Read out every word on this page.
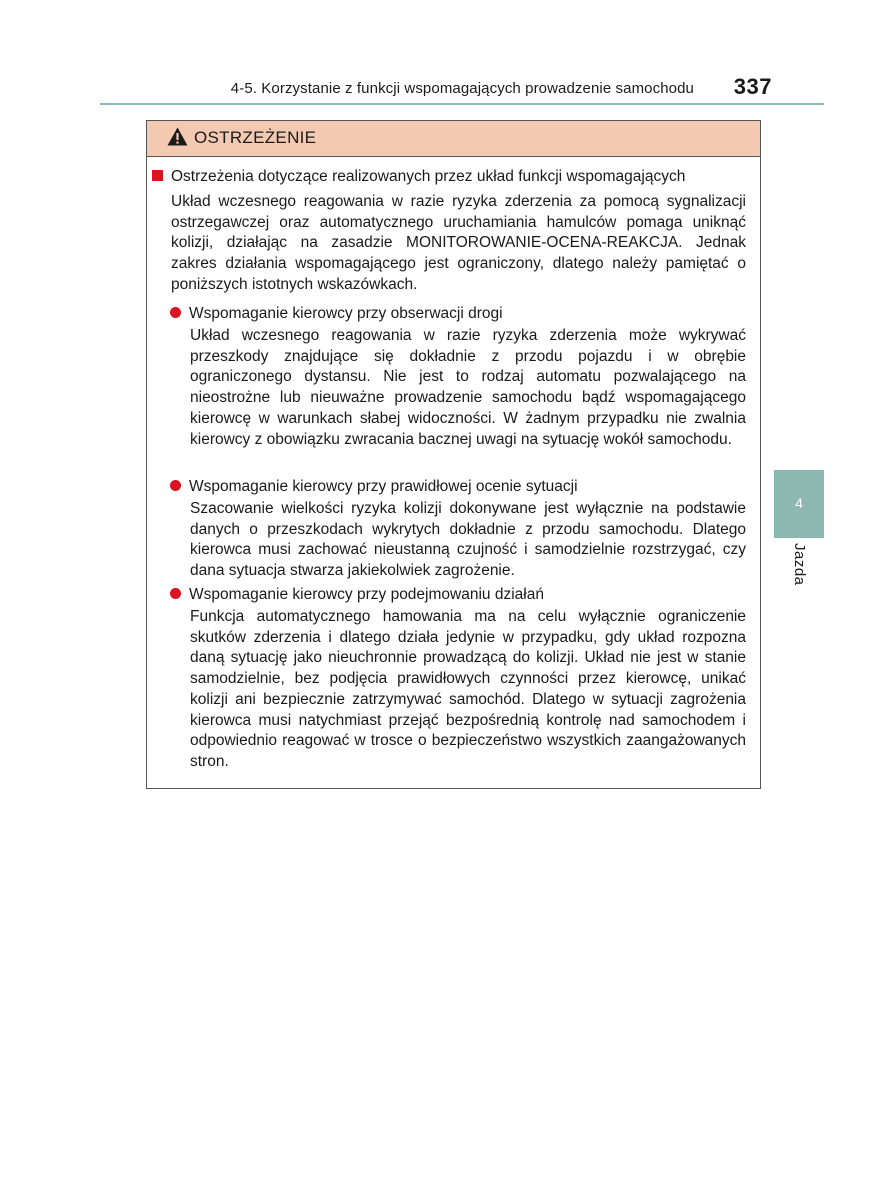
4-5. Korzystanie z funkcji wspomagających prowadzenie samochodu 337
4
Jazda
OSTRZEŻENIE
Ostrzeżenia dotyczące realizowanych przez układ funkcji wspomagających

Układ wczesnego reagowania w razie ryzyka zderzenia za pomocą sygnalizacji ostrzegawczej oraz automatycznego uruchamiania hamulców pomaga uniknąć kolizji, działając na zasadzie MONITOROWANIE-OCENA-REAKCJA. Jednak zakres działania wspomagającego jest ograniczony, dlatego należy pamiętać o poniższych istotnych wskazówkach.

Wspomaganie kierowcy przy obserwacji drogi

Układ wczesnego reagowania w razie ryzyka zderzenia może wykrywać przeszkody znajdujące się dokładnie z przodu pojazdu i w obrębie ograniczonego dystansu. Nie jest to rodzaj automatu pozwalającego na nieostrożne lub nieuważne prowadzenie samochodu bądź wspomagającego kierowcę w warunkach słabej widoczności. W żadnym przypadku nie zwalnia kierowcy z obowiązku zwracania bacznej uwagi na sytuację wokół samochodu.

Wspomaganie kierowcy przy prawidłowej ocenie sytuacji

Szacowanie wielkości ryzyka kolizji dokonywane jest wyłącznie na podstawie danych o przeszkodach wykrytych dokładnie z przodu samochodu. Dlatego kierowca musi zachować nieustanną czujność i samodzielnie rozstrzygać, czy dana sytuacja stwarza jakiekolwiek zagrożenie.

Wspomaganie kierowcy przy podejmowaniu działań

Funkcja automatycznego hamowania ma na celu wyłącznie ograniczenie skutków zderzenia i dlatego działa jedynie w przypadku, gdy układ rozpozna daną sytuację jako nieuchronnie prowadzącą do kolizji. Układ nie jest w stanie samodzielnie, bez podjęcia prawidłowych czynności przez kierowcę, unikać kolizji ani bezpiecznie zatrzymywać samochód. Dlatego w sytuacji zagrożenia kierowca musi natychmiast przejąć bezpośrednią kontrolę nad samochodem i odpowiednio reagować w trosce o bezpieczeństwo wszystkich zaangażowanych stron.
